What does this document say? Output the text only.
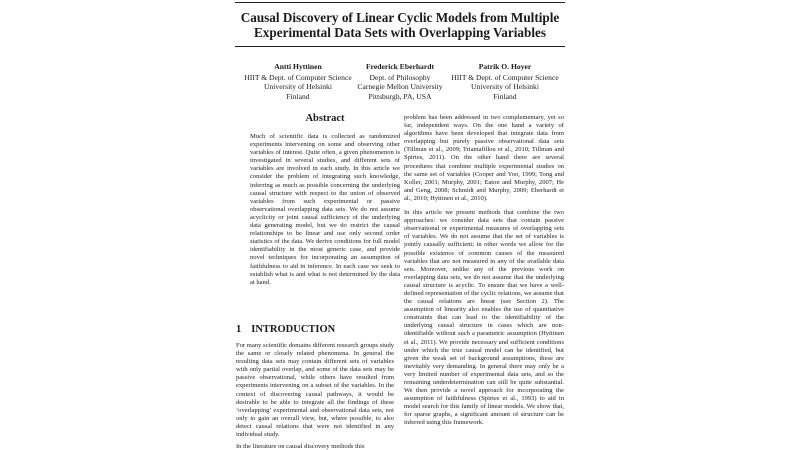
Causal Discovery of Linear Cyclic Models from Multiple
Experimental Data Sets with Overlapping Variables
Antti Hyttinen
HIIT & Dept. of Computer Science
University of Helsinki
Finland
Frederick Eberhardt
Dept. of Philosophy
Carnegie Mellon University
Pittsburgh, PA, USA
Patrik O. Hoyer
HIIT & Dept. of Computer Science
University of Helsinki
Finland
Abstract
Much of scientific data is collected as randomized experiments intervening on some and observing other variables of interest. Quite often, a given phenomenon is investigated in several studies, and different sets of variables are involved in each study. In this article we consider the problem of integrating such knowledge, inferring as much as possible concerning the underlying causal structure with respect to the union of observed variables from such experimental or passive observational overlapping data sets. We do not assume acyclicity or joint causal sufficiency of the underlying data generating model, but we do restrict the causal relationships to be linear and use only second order statistics of the data. We derive conditions for full model identifiability in the most generic case, and provide novel techniques for incorporating an assumption of faithfulness to aid in inference. In each case we seek to establish what is and what is not determined by the data at hand.
1 INTRODUCTION

For many scientific domains different research groups study the same or closely related phenomena. In general the resulting data sets may contain different sets of variables with only partial overlap, and some of the data sets may be passive observational, while others have resulted from experiments intervening on a subset of the variables. In the context of discovering causal pathways, it would be desirable to be able to integrate all the findings of these ‘overlapping’ experimental and observational data sets, not only to gain an overall view, but, where possible, to also detect causal relations that were not identified in any individual study.

In the literature on causal discovery methods this

problem has been addressed in two complementary, yet so far, independent ways. On the one hand a variety of algorithms have been developed that integrate data from overlapping but purely passive observational data sets (Tillman et al., 2009; Triantafillou et al., 2010; Tillman and Spirtes, 2011). On the other hand there are several procedures that combine multiple experimental studies on the same set of variables (Cooper and Yoo, 1999; Tong and Koller, 2001; Murphy, 2001; Eaton and Murphy, 2007; He and Geng, 2008; Schmidt and Murphy, 2009; Eberhardt et al., 2010; Hyttinen et al., 2010).

In this article we present methods that combine the two approaches: we consider data sets that contain passive observational or experimental measures of overlapping sets of variables. We do not assume that the set of variables is jointly causally sufficient; in other words we allow for the possible existence of common causes of the measured variables that are not measured in any of the available data sets. Moreover, unlike any of the previous work on overlapping data sets, we do not assume that the underlying causal structure is acyclic. To ensure that we have a well-defined representation of the cyclic relations, we assume that the causal relations are linear (see Section 2). The assumption of linearity also enables the use of quantitative constraints that can lead to the identifiability of the underlying causal structure in cases which are non-identifiable without such a parametric assumption (Hyttinen et al., 2011). We provide necessary and sufficient conditions under which the true causal model can be identified, but given the weak set of background assumptions, these are inevitably very demanding. In general there may only be a very limited number of experimental data sets, and so the remaining underdetermination can still be quite substantial. We then provide a novel approach for incorporating the assumption of faithfulness (Spirtes et al., 1993) to aid in model search for this family of linear models. We show that, for sparse graphs, a significant amount of structure can be inferred using this framework.
